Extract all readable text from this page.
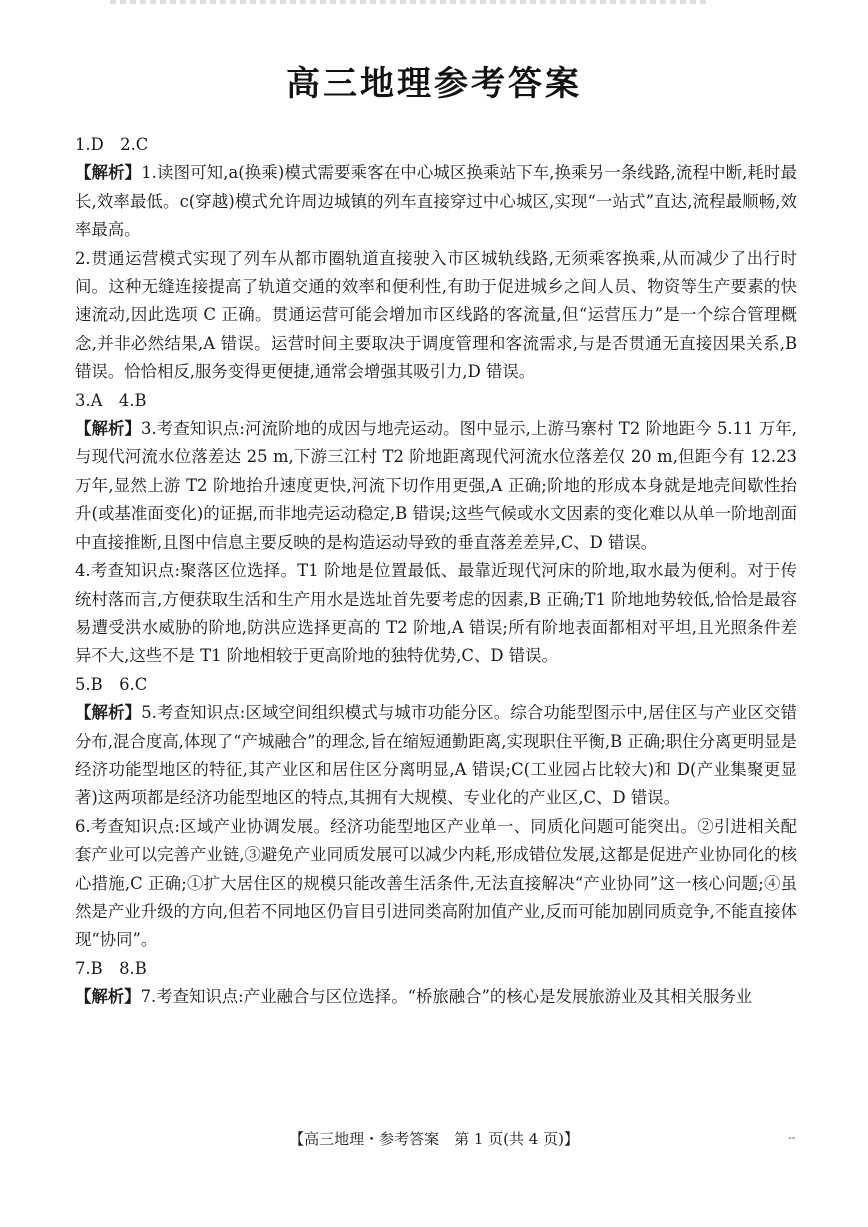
高三地理参考答案

1.D　2.C

【解析】1.读图可知,a(换乘)模式需要乘客在中心城区换乘站下车,换乘另一条线路,流程中断,耗时最长,效率最低。c(穿越)模式允许周边城镇的列车直接穿过中心城区,实现“一站式”直达,流程最顺畅,效率最高。

2.贯通运营模式实现了列车从都市圈轨道直接驶入市区城轨线路,无须乘客换乘,从而减少了出行时间。这种无缝连接提高了轨道交通的效率和便利性,有助于促进城乡之间人员、物资等生产要素的快速流动,因此选项 C 正确。贯通运营可能会增加市区线路的客流量,但“运营压力”是一个综合管理概念,并非必然结果,A 错误。运营时间主要取决于调度管理和客流需求,与是否贯通无直接因果关系,B 错误。恰恰相反,服务变得更便捷,通常会增强其吸引力,D 错误。

3.A　4.B

【解析】3.考查知识点:河流阶地的成因与地壳运动。图中显示,上游马寨村 T2 阶地距今 5.11 万年,与现代河流水位落差达 25 m,下游三江村 T2 阶地距离现代河流水位落差仅 20 m,但距今有 12.23 万年,显然上游 T2 阶地抬升速度更快,河流下切作用更强,A 正确;阶地的形成本身就是地壳间歇性抬升(或基准面变化)的证据,而非地壳运动稳定,B 错误;这些气候或水文因素的变化难以从单一阶地剖面中直接推断,且图中信息主要反映的是构造运动导致的垂直落差差异,C、D 错误。

4.考查知识点:聚落区位选择。T1 阶地是位置最低、最靠近现代河床的阶地,取水最为便利。对于传统村落而言,方便获取生活和生产用水是选址首先要考虑的因素,B 正确;T1 阶地地势较低,恰恰是最容易遭受洪水威胁的阶地,防洪应选择更高的 T2 阶地,A 错误;所有阶地表面都相对平坦,且光照条件差异不大,这些不是 T1 阶地相较于更高阶地的独特优势,C、D 错误。

5.B　6.C

【解析】5.考查知识点:区域空间组织模式与城市功能分区。综合功能型图示中,居住区与产业区交错分布,混合度高,体现了“产城融合”的理念,旨在缩短通勤距离,实现职住平衡,B 正确;职住分离更明显是经济功能型地区的特征,其产业区和居住区分离明显,A 错误;C(工业园占比较大)和 D(产业集聚更显著)这两项都是经济功能型地区的特点,其拥有大规模、专业化的产业区,C、D 错误。

6.考查知识点:区域产业协调发展。经济功能型地区产业单一、同质化问题可能突出。②引进相关配套产业可以完善产业链,③避免产业同质发展可以减少内耗,形成错位发展,这都是促进产业协同化的核心措施,C 正确;①扩大居住区的规模只能改善生活条件,无法直接解决“产业协同”这一核心问题;④虽然是产业升级的方向,但若不同地区仍盲目引进同类高附加值产业,反而可能加剧同质竞争,不能直接体现“协同”。

7.B　8.B

【解析】7.考查知识点:产业融合与区位选择。“桥旅融合”的核心是发展旅游业及其相关服务业

【高三地理・参考答案　第 1 页(共 4 页)】	--
